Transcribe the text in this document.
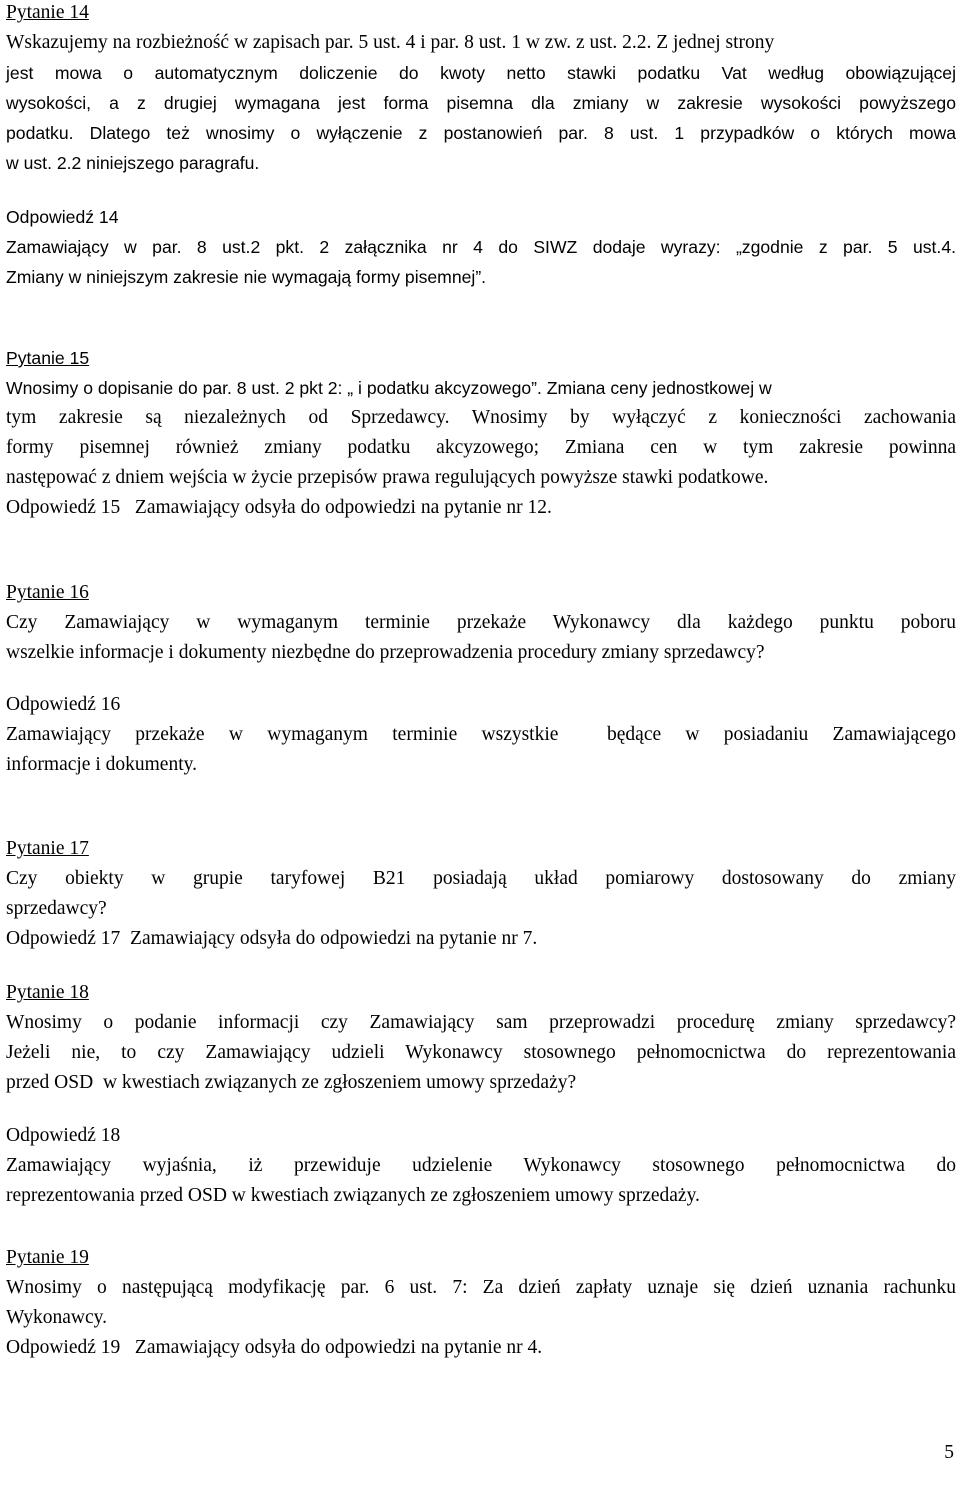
Pytanie 14

Wskazujemy na rozbieżność w zapisach par. 5 ust. 4 i par. 8 ust. 1 w zw. z ust. 2.2. Z jednej strony

jest mowa o automatycznym doliczenie do kwoty netto stawki podatku Vat według obowiązującej

wysokości, a z drugiej wymagana jest forma pisemna dla zmiany w zakresie wysokości powyższego

podatku. Dlatego też wnosimy o wyłączenie z postanowień par. 8 ust. 1 przypadków o których mowa

w ust. 2.2 niniejszego paragrafu.

Odpowiedź 14

Zamawiający w par. 8 ust.2 pkt. 2 załącznika nr 4 do SIWZ dodaje wyrazy: „zgodnie z par. 5 ust.4.

Zmiany w niniejszym zakresie nie wymagają formy pisemnej”.

Pytanie 15

Wnosimy o dopisanie do par. 8 ust. 2 pkt 2: „ i podatku akcyzowego”. Zmiana ceny jednostkowej w

tym zakresie są niezależnych od Sprzedawcy. Wnosimy by wyłączyć z konieczności zachowania

formy pisemnej również zmiany podatku akcyzowego; Zmiana cen w tym zakresie powinna

następować z dniem wejścia w życie przepisów prawa regulujących powyższe stawki podatkowe.

Odpowiedź 15 Zamawiający odsyła do odpowiedzi na pytanie nr 12.

Pytanie 16

Czy Zamawiający w wymaganym terminie przekaże Wykonawcy dla każdego punktu poboru

wszelkie informacje i dokumenty niezbędne do przeprowadzenia procedury zmiany sprzedawcy?

Odpowiedź 16

Zamawiający przekaże w wymaganym terminie wszystkie  będące w posiadaniu Zamawiającego

informacje i dokumenty.

Pytanie 17

Czy obiekty w grupie taryfowej B21 posiadają układ pomiarowy dostosowany do zmiany

sprzedawcy?

Odpowiedź 17 Zamawiający odsyła do odpowiedzi na pytanie nr 7.

Pytanie 18

Wnosimy o podanie informacji czy Zamawiający sam przeprowadzi procedurę zmiany sprzedawcy?

Jeżeli nie, to czy Zamawiający udzieli Wykonawcy stosownego pełnomocnictwa do reprezentowania

przed OSD  w kwestiach związanych ze zgłoszeniem umowy sprzedaży?

Odpowiedź 18

Zamawiający wyjaśnia, iż przewiduje udzielenie Wykonawcy stosownego pełnomocnictwa do

reprezentowania przed OSD w kwestiach związanych ze zgłoszeniem umowy sprzedaży.

Pytanie 19

Wnosimy o następującą modyfikację par. 6 ust. 7: Za dzień zapłaty uznaje się dzień uznania rachunku

Wykonawcy.

Odpowiedź 19 Zamawiający odsyła do odpowiedzi na pytanie nr 4.

5
